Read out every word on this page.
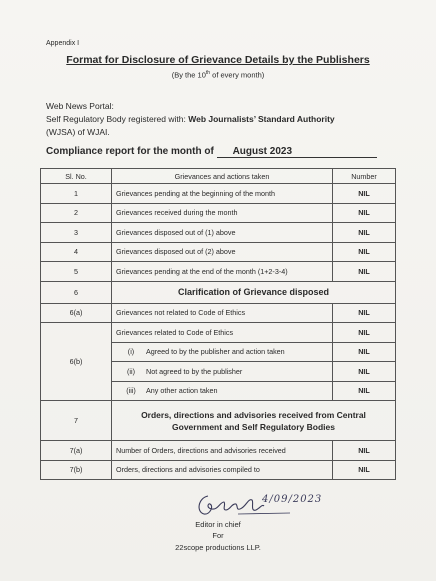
Appendix I
Format for Disclosure of Grievance Details by the Publishers
(By the 10th of every month)
Web News Portal:
Self Regulatory Body registered with: Web Journalists’ Standard Authority
(WJSA) of WJAI.
Compliance report for the month of August 2023
Sl. No.	Grievances and actions taken	Number
1	Grievances pending at the beginning of the month	NIL
2	Grievances received during the month	NIL
3	Grievances disposed out of (1) above	NIL
4	Grievances disposed out of (2) above	NIL
5	Grievances pending at the end of the month (1+2-3-4)	NIL
6	Clarification of Grievance disposed	
6(a)	Grievances not related to Code of Ethics	NIL
6(b)	Grievances related to Code of Ethics	NIL

	(i) Agreed to by the publisher and action taken	NIL

	(ii) Not agreed to by the publisher	NIL

	(iii) Any other action taken	NIL
7	Orders, directions and advisories received from Central
Government and Self Regulatory Bodies	
7(a)	Number of Orders, directions and advisories received	NIL
7(b)	Orders, directions and advisories compiled to	NIL
4/09/2023
Editor in chief
For
22scope productions LLP.
